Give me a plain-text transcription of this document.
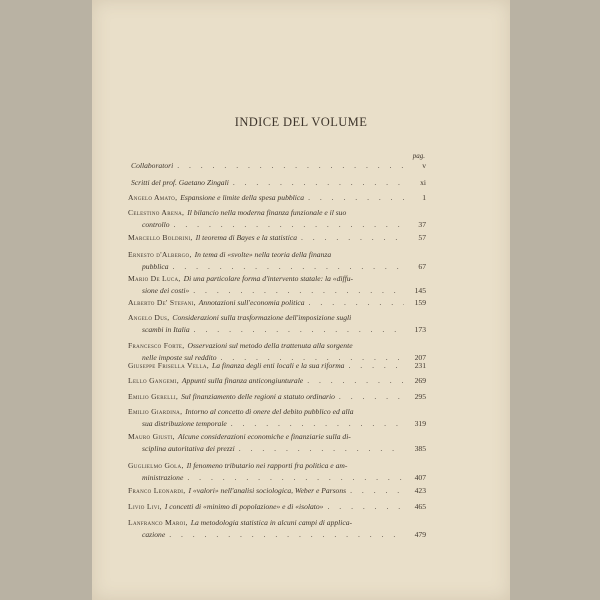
INDICE DEL VOLUME
pag.
Collaboratori . . .	v
Scritti del prof. Gaetano Zingali . . .	xi
Angelo Amato, Espansione e limite della spesa pubblica . . .	1
Celestino Arena, Il bilancio nella moderna finanza funzionale e il suo
controllo . . .	37
Marcello Boldrini, Il teorema di Bayes e la statistica . . .	57
Ernesto d'Albergo, In tema di «svolte» nella teoria della finanza
pubblica . . .	67
Mario De Luca, Di una particolare forma d'intervento statale: la «diffu-
sione dei costi» . . .	145
Alberto De' Stefani, Annotazioni sull'economia politica . . .	159
Angelo Dus, Considerazioni sulla trasformazione dell'imposizione sugli
scambi in Italia . . .	173
Francesco Forte, Osservazioni sul metodo della trattenuta alla sorgente
nelle imposte sul reddito . . .	207
Giuseppe Frisella Vella, La finanza degli enti locali e la sua riforma . . .	231
Lello Gangemi, Appunti sulla finanza anticongiunturale . . .	269
Emilio Gerelli, Sul finanziamento delle regioni a statuto ordinario . . .	295
Emilio Giardina, Intorno al concetto di onere del debito pubblico ed alla
sua distribuzione temporale . . .	319
Mauro Giusti, Alcune considerazioni economiche e finanziarie sulla di-
sciplina autoritativa dei prezzi . . .	385
Guglielmo Gola, Il fenomeno tributario nei rapporti fra politica e am-
ministrazione . . .	407
Franco Leonardi, I «valori» nell'analisi sociologica, Weber e Parsons . . .	423
Livio Livi, I concetti di «minimo di popolazione» e di «isolato» . . .	465
Lanfranco Maroi, La metodologia statistica in alcuni campi di applica-
cazione . . .	479
